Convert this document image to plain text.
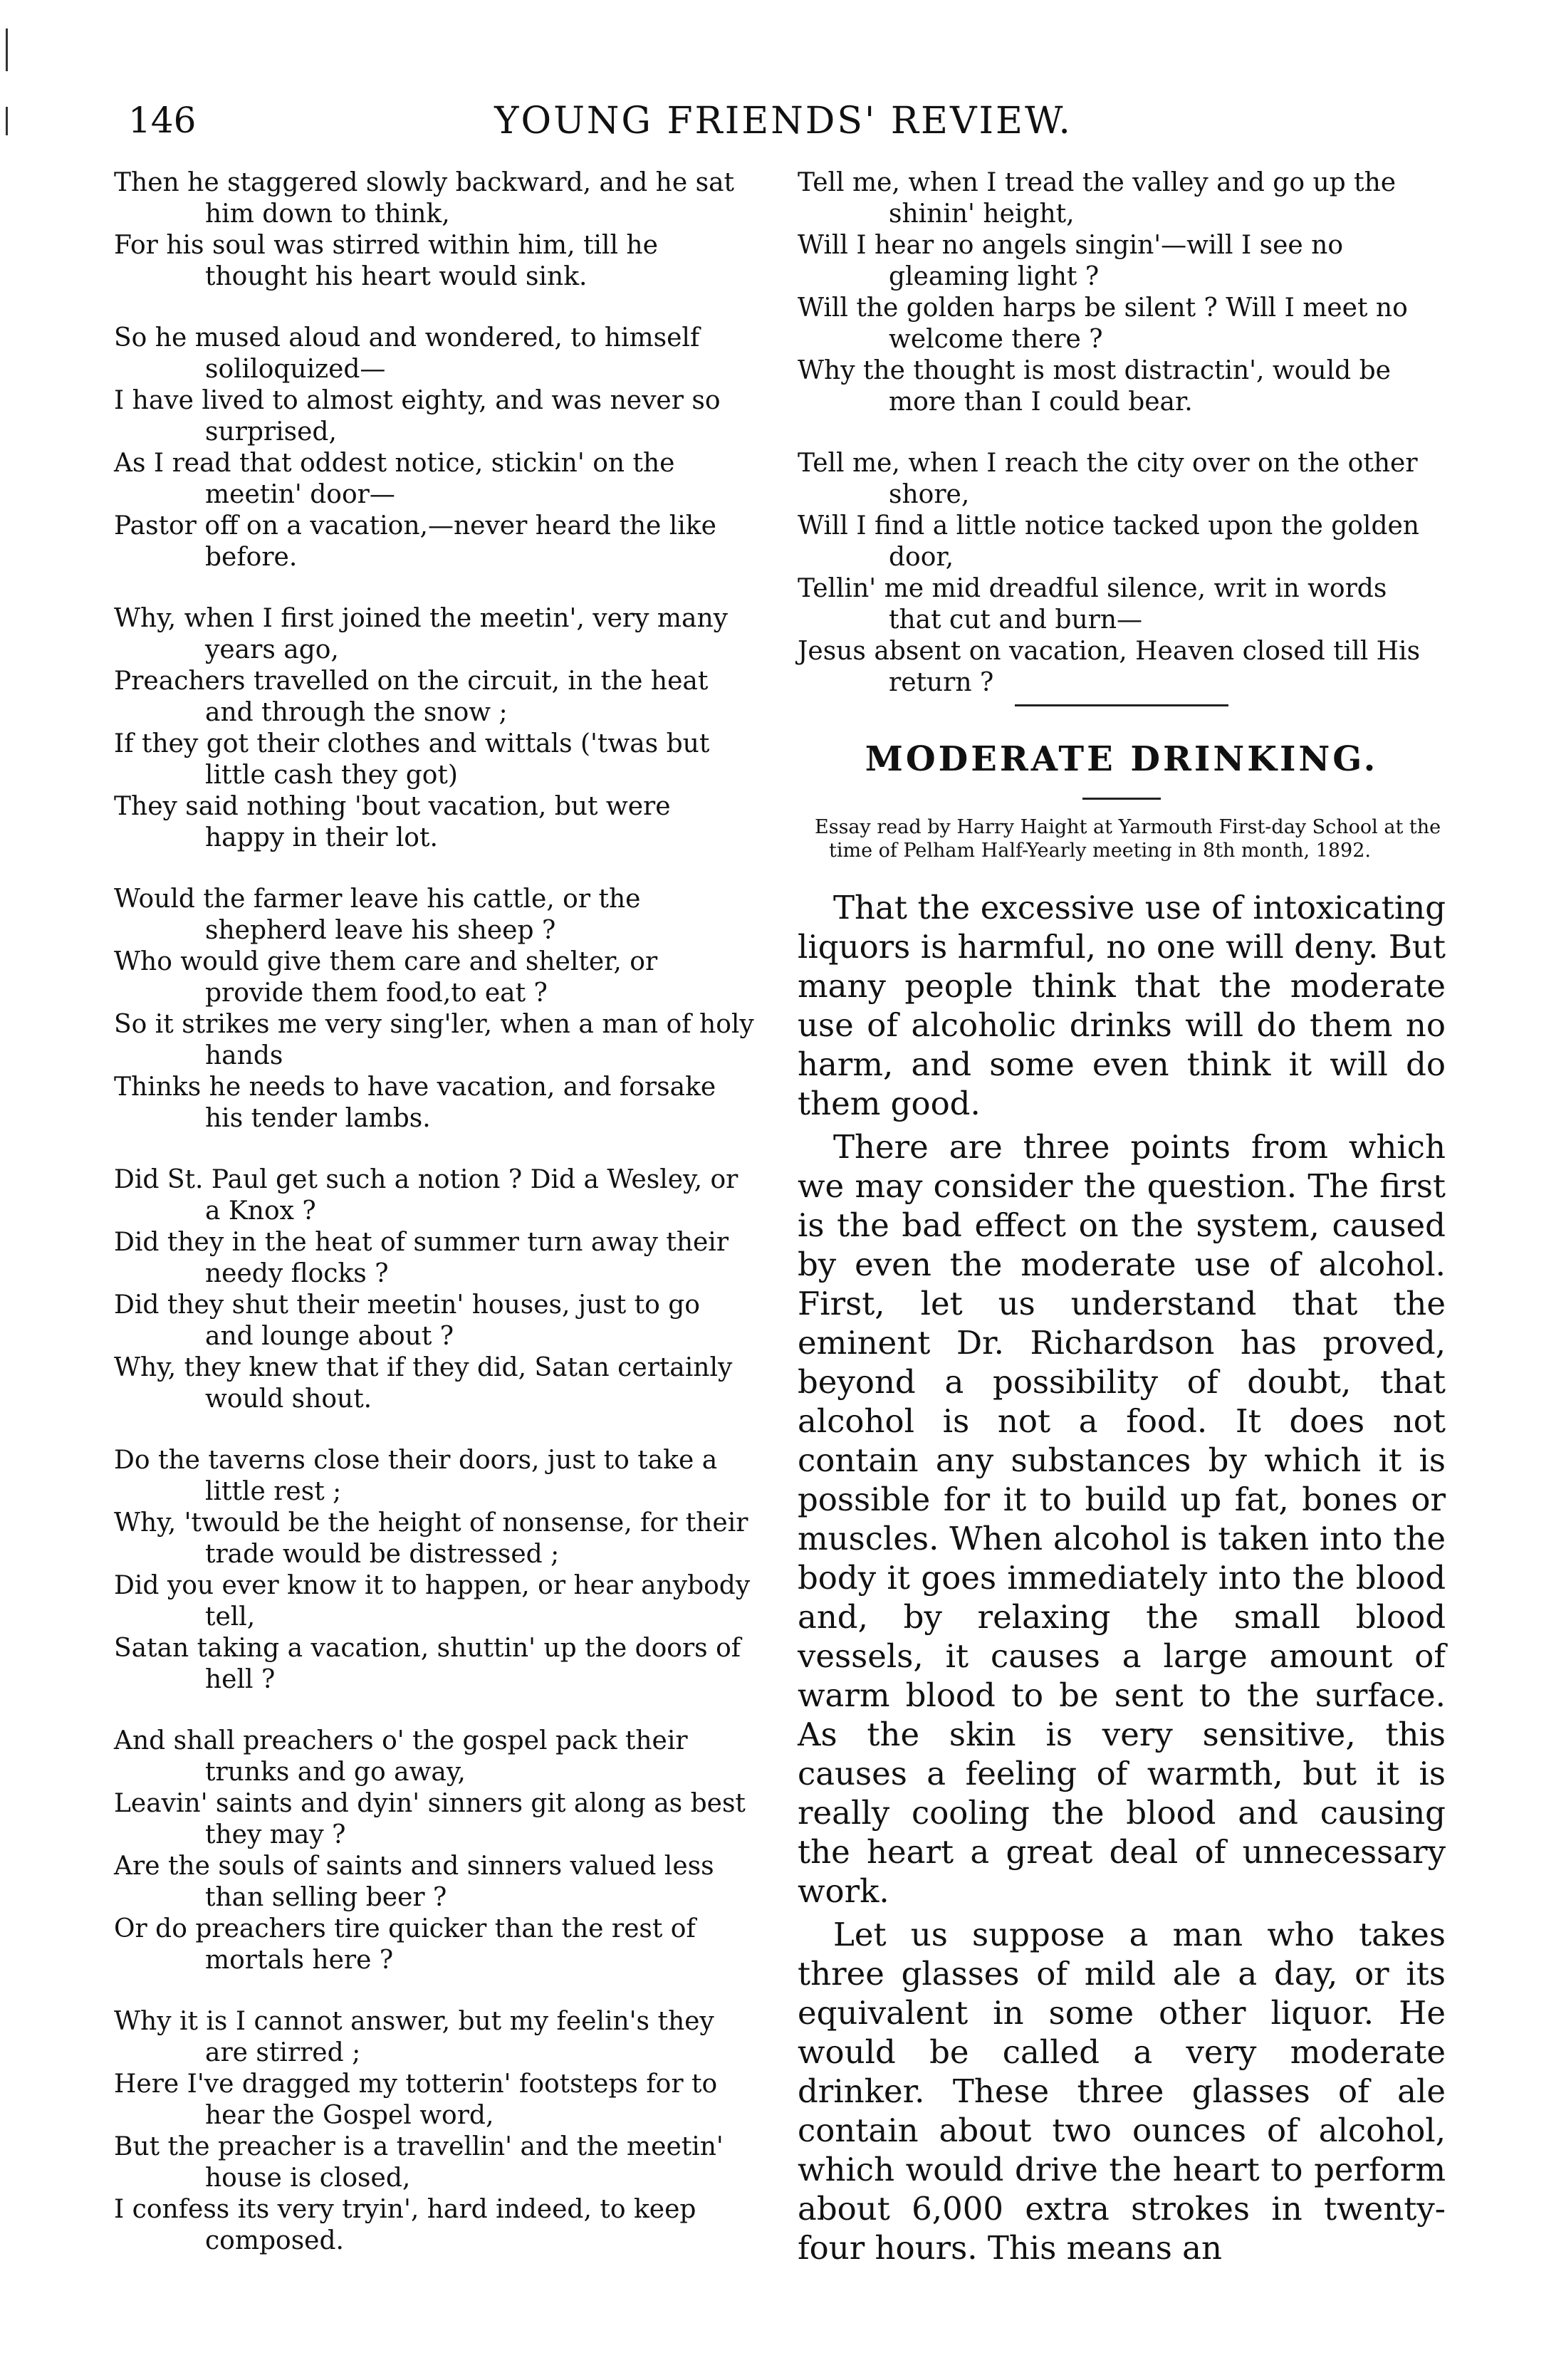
146	YOUNG FRIENDS' REVIEW.
Then he staggered slowly backward, and he sat him down to think,
For his soul was stirred within him, till he thought his heart would sink.
So he mused aloud and wondered, to himself soliloquized—
I have lived to almost eighty, and was never so surprised,
As I read that oddest notice, stickin' on the meetin' door—
Pastor off on a vacation,—never heard the like before.
Why, when I first joined the meetin', very many years ago,
Preachers travelled on the circuit, in the heat and through the snow ;
If they got their clothes and wittals ('twas but little cash they got)
They said nothing 'bout vacation, but were happy in their lot.
Would the farmer leave his cattle, or the shepherd leave his sheep ?
Who would give them care and shelter, or provide them food,to eat ?
So it strikes me very sing'ler, when a man of holy hands
Thinks he needs to have vacation, and forsake his tender lambs.
Did St. Paul get such a notion ? Did a Wesley, or a Knox ?
Did they in the heat of summer turn away their needy flocks ?
Did they shut their meetin' houses, just to go and lounge about ?
Why, they knew that if they did, Satan certainly would shout.
Do the taverns close their doors, just to take a little rest ;
Why, 'twould be the height of nonsense, for their trade would be distressed ;
Did you ever know it to happen, or hear anybody tell,
Satan taking a vacation, shuttin' up the doors of hell ?
And shall preachers o' the gospel pack their trunks and go away,
Leavin' saints and dyin' sinners git along as best they may ?
Are the souls of saints and sinners valued less than selling beer ?
Or do preachers tire quicker than the rest of mortals here ?
Why it is I cannot answer, but my feelin's they are stirred ;
Here I've dragged my totterin' footsteps for to hear the Gospel word,
But the preacher is a travellin' and the meetin' house is closed,
I confess its very tryin', hard indeed, to keep composed.
Tell me, when I tread the valley and go up the shinin' height,
Will I hear no angels singin'—will I see no gleaming light ?
Will the golden harps be silent ? Will I meet no welcome there ?
Why the thought is most distractin', would be more than I could bear.
Tell me, when I reach the city over on the other shore,
Will I find a little notice tacked upon the golden door,
Tellin' me mid dreadful silence, writ in words that cut and burn—
Jesus absent on vacation, Heaven closed till His return ?
MODERATE DRINKING.
Essay read by Harry Haight at Yarmouth First-day School at the time of Pelham Half-Yearly meeting in 8th month, 1892.

That the excessive use of intoxicating liquors is harmful, no one will deny. But many people think that the moderate use of alcoholic drinks will do them no harm, and some even think it will do them good.

There are three points from which we may consider the question. The first is the bad effect on the system, caused by even the moderate use of alcohol. First, let us understand that the eminent Dr. Richardson has proved, beyond a possibility of doubt, that alcohol is not a food. It does not contain any substances by which it is possible for it to build up fat, bones or muscles. When alcohol is taken into the body it goes immediately into the blood and, by relaxing the small blood vessels, it causes a large amount of warm blood to be sent to the surface. As the skin is very sensitive, this causes a feeling of warmth, but it is really cooling the blood and causing the heart a great deal of unnecessary work.

Let us suppose a man who takes three glasses of mild ale a day, or its equivalent in some other liquor. He would be called a very moderate drinker. These three glasses of ale contain about two ounces of alcohol, which would drive the heart to perform about 6,000 extra strokes in twenty-four hours. This means an
